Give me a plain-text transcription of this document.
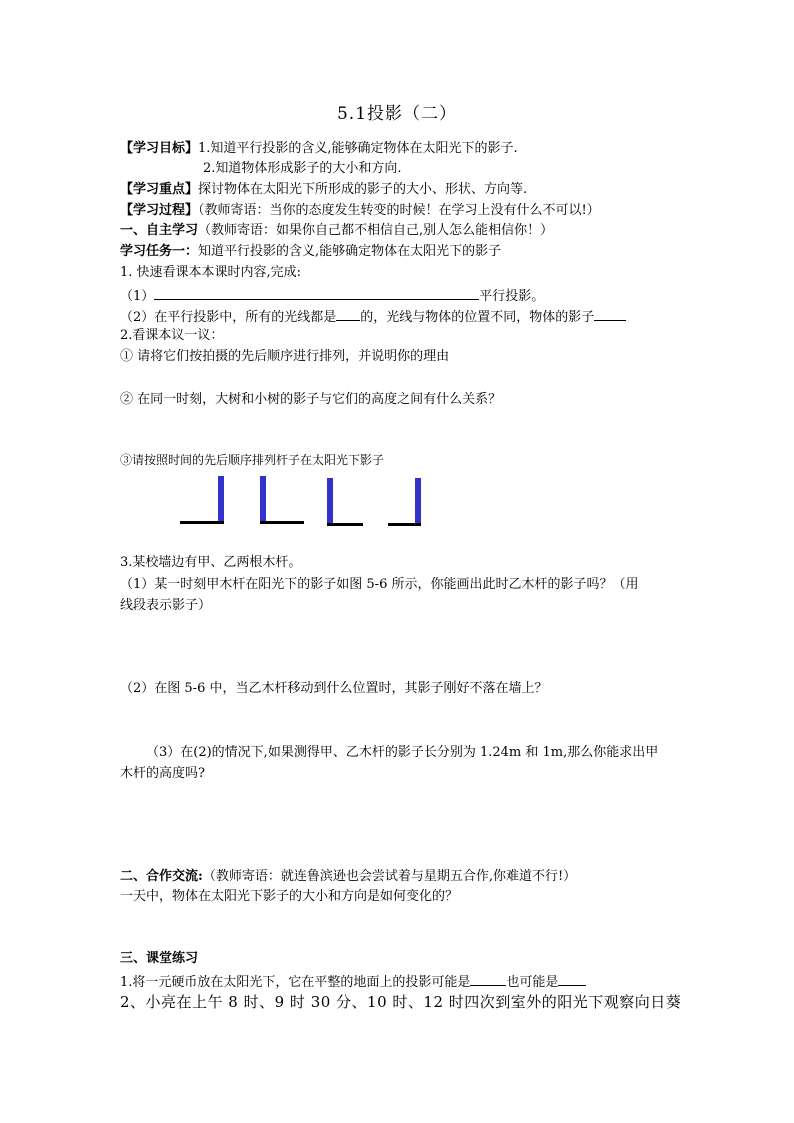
5.1投影（二）
【学习目标】1.知道平行投影的含义,能够确定物体在太阳光下的影子.
2.知道物体形成影子的大小和方向.
【学习重点】探讨物体在太阳光下所形成的影子的大小、形状、方向等.
【学习过程】（教师寄语：当你的态度发生转变的时候！在学习上没有什么不可以!）
一、自主学习（教师寄语：如果你自己都不相信自己,别人怎么能相信你！）
学习任务一：知道平行投影的含义,能够确定物体在太阳光下的影子
1. 快速看课本本课时内容,完成:
（1）	平行投影。
（2）在平行投影中，所有的光线都是 的，光线与物体的位置不同，物体的影子
2.看课本议一议：
① 请将它们按拍摄的先后顺序进行排列，并说明你的理由
② 在同一时刻，大树和小树的影子与它们的高度之间有什么关系？
③请按照时间的先后顺序排列杆子在太阳光下影子
3.某校墙边有甲、乙两根木杆。
（1）某一时刻甲木杆在阳光下的影子如图 5-6 所示，你能画出此时乙木杆的影子吗？（用
线段表示影子）
（2）在图 5-6 中，当乙木杆移动到什么位置时，其影子刚好不落在墙上？
（3）在(2)的情况下,如果测得甲、乙木杆的影子长分别为 1.24m 和 1m,那么你能求出甲
木杆的高度吗?
二、合作交流:（教师寄语：就连鲁滨逊也会尝试着与星期五合作,你难道不行!）
一天中，物体在太阳光下影子的大小和方向是如何变化的？
三、课堂练习
1.将一元硬币放在太阳光下，它在平整的地面上的投影可能是	也可能是
2、小亮在上午 8 时、9 时 30 分、10 时、12 时四次到室外的阳光下观察向日葵
